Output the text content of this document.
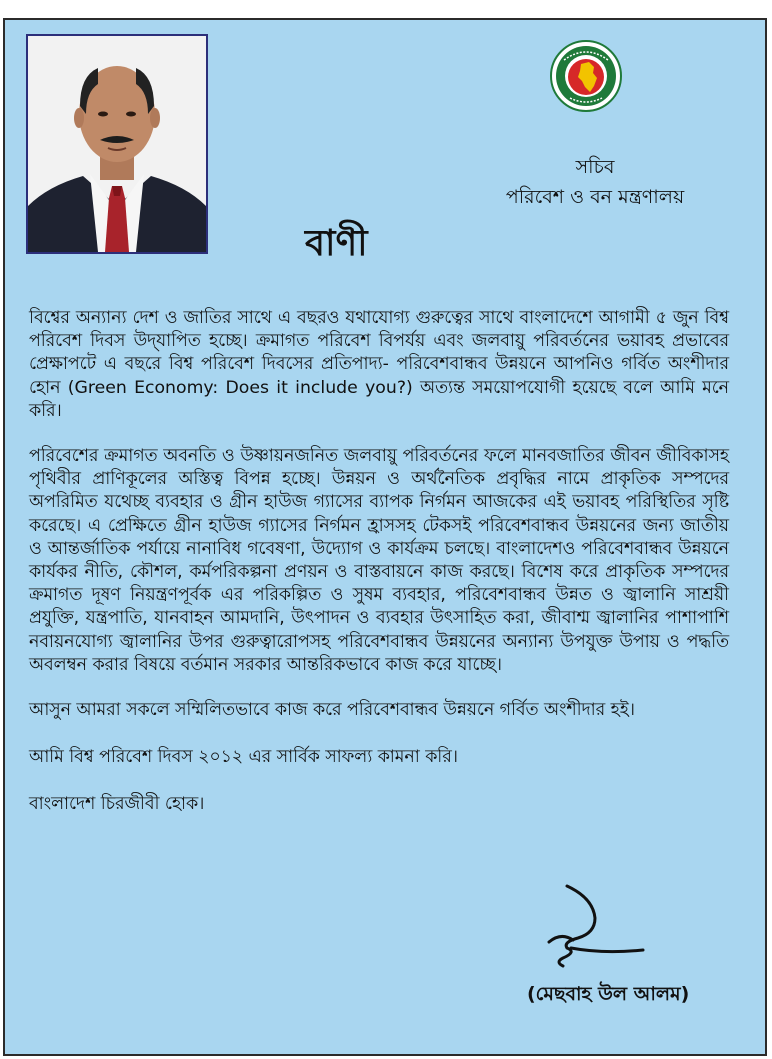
সচিব
পরিবেশ ও বন মন্ত্রণালয়
বাণী

বিশ্বের অন্যান্য দেশ ও জাতির সাথে এ বছরও যথাযোগ্য গুরুত্বের সাথে বাংলাদেশে আগামী ৫ জুন বিশ্ব পরিবেশ দিবস উদ্‌যাপিত হচ্ছে। ক্রমাগত পরিবেশ বিপর্যয় এবং জলবায়ু পরিবর্তনের ভয়াবহ প্রভাবের প্রেক্ষাপটে এ বছরে বিশ্ব পরিবেশ দিবসের প্রতিপাদ্য- পরিবেশবান্ধব উন্নয়নে আপনিও গর্বিত অংশীদার হোন (Green Economy: Does it include you?) অত্যন্ত সময়োপযোগী হয়েছে বলে আমি মনে করি।

পরিবেশের ক্রমাগত অবনতি ও উষ্ণায়নজনিত জলবায়ু পরিবর্তনের ফলে মানবজাতির জীবন জীবিকাসহ পৃথিবীর প্রাণিকূলের অস্তিত্ব বিপন্ন হচ্ছে। উন্নয়ন ও অর্থনৈতিক প্রবৃদ্ধির নামে প্রাকৃতিক সম্পদের অপরিমিত যথেচ্ছ ব্যবহার ও গ্রীন হাউজ গ্যাসের ব্যাপক নির্গমন আজকের এই ভয়াবহ পরিস্থিতির সৃষ্টি করেছে। এ প্রেক্ষিতে গ্রীন হাউজ গ্যাসের নির্গমন হ্রাসসহ টেকসই পরিবেশবান্ধব উন্নয়নের জন্য জাতীয় ও আন্তর্জাতিক পর্যায়ে নানাবিধ গবেষণা, উদ্যোগ ও কার্যক্রম চলছে। বাংলাদেশও পরিবেশবান্ধব উন্নয়নে কার্যকর নীতি, কৌশল, কর্মপরিকল্পনা প্রণয়ন ও বাস্তবায়নে কাজ করছে। বিশেষ করে প্রাকৃতিক সম্পদের ক্রমাগত দূষণ নিয়ন্ত্রণপূর্বক এর পরিকল্পিত ও সুষম ব্যবহার, পরিবেশবান্ধব উন্নত ও জ্বালানি সাশ্রয়ী প্রযুক্তি, যন্ত্রপাতি, যানবাহন আমদানি, উৎপাদন ও ব্যবহার উৎসাহিত করা, জীবাশ্ম জ্বালানির পাশাপাশি নবায়নযোগ্য জ্বালানির উপর গুরুত্বারোপসহ পরিবেশবান্ধব উন্নয়নের অন্যান্য উপযুক্ত উপায় ও পদ্ধতি অবলম্বন করার বিষয়ে বর্তমান সরকার আন্তরিকভাবে কাজ করে যাচ্ছে।

আসুন আমরা সকলে সম্মিলিতভাবে কাজ করে পরিবেশবান্ধব উন্নয়নে গর্বিত অংশীদার হই।

আমি বিশ্ব পরিবেশ দিবস ২০১২ এর সার্বিক সাফল্য কামনা করি।

বাংলাদেশ চিরজীবী হোক।

(মেছবাহ উল আলম)
